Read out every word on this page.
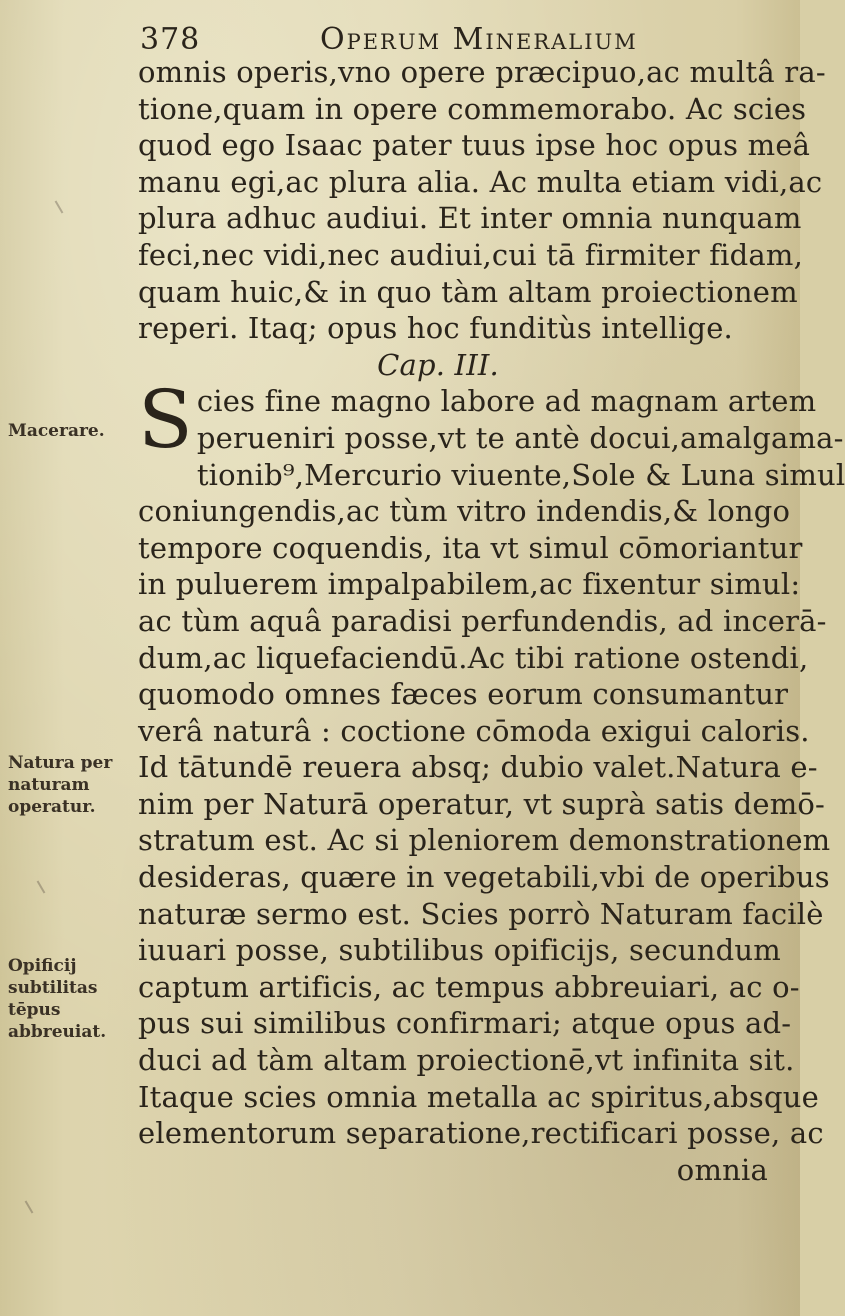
378	Operum Mineralium
Macerare.
Natura per naturam operatur.
Opificij subtilitas tēpus abbreuiat.
omnis operis,vno opere præcipuo,ac multâ ra-
tione,quam in opere commemorabo. Ac scies
quod ego Isaac pater tuus ipse hoc opus meâ
manu egi,ac plura alia. Ac multa etiam vidi,ac
plura adhuc audiui. Et inter omnia nunquam
feci,nec vidi,nec audiui,cui tā firmiter fidam,
quam huic,& in quo tàm altam proiectionem
reperi. Itaq; opus hoc funditùs intellige.
Cap. III.
S cies fine magno labore ad magnam artem
perueniri posse,vt te antè docui,amalgama-
tionib⁹,Mercurio viuente,Sole & Luna simul
coniungendis,ac tùm vitro indendis,& longo
tempore coquendis, ita vt simul cōmoriantur
in puluerem impalpabilem,ac fixentur simul:
ac tùm aquâ paradisi perfundendis, ad incerā-
dum,ac liquefaciendū.Ac tibi ratione ostendi,
quomodo omnes fæces eorum consumantur
verâ naturâ : coctione cōmoda exigui caloris.
Id tātundē reuera absq; dubio valet.Natura e-
nim per Naturā operatur, vt suprà satis demō-
stratum est. Ac si pleniorem demonstrationem
desideras, quære in vegetabili,vbi de operibus
naturæ sermo est. Scies porrò Naturam facilè
iuuari posse, subtilibus opificijs, secundum
captum artificis, ac tempus abbreuiari, ac o-
pus sui similibus confirmari; atque opus ad-
duci ad tàm altam proiectionē,vt infinita sit.
Itaque scies omnia metalla ac spiritus,absque
elementorum separatione,rectificari posse, ac
omnia
